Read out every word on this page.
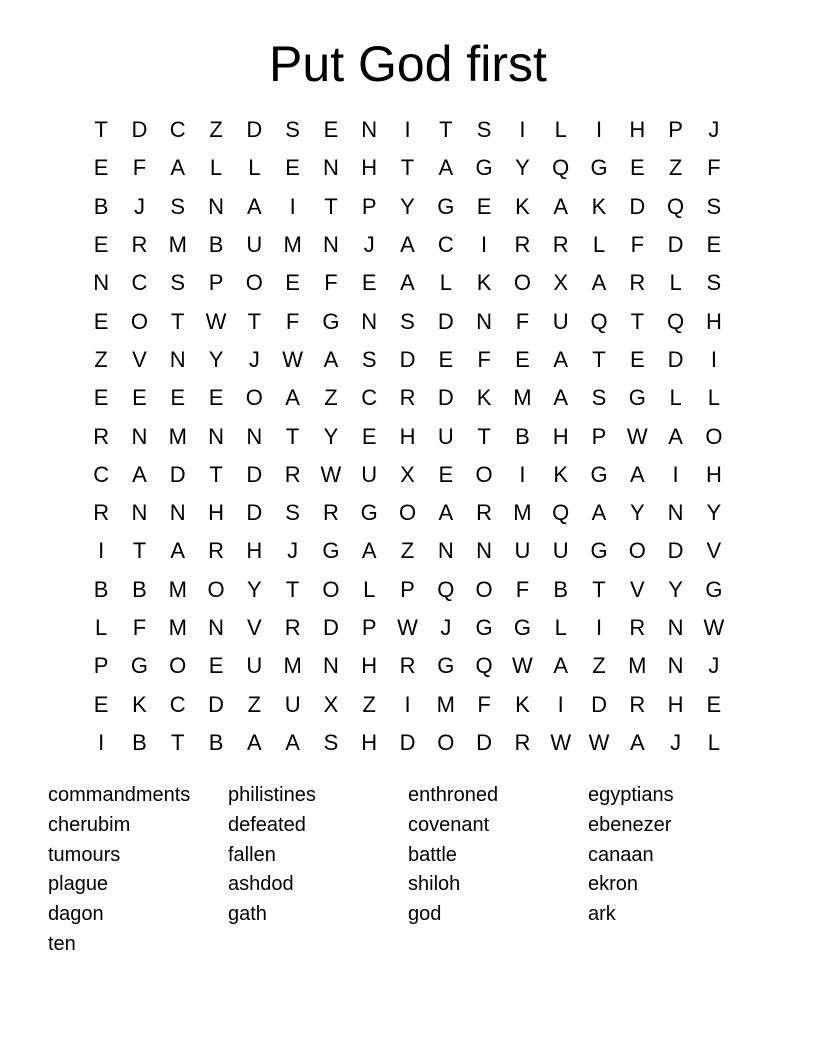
Put God first
T	D	C	Z	D	S	E	N	I	T	S	I	L	I	H	P	J
E	F	A	L	L	E	N	H	T	A	G	Y	Q G	E	Z	F
B	J	S	N	A	I	T	P	Y	G	E	K	A	K	D Q	S
E	R M B	U M N	J	A	C	I	R	R	L	F	D	E
N	C	S	P	O	E	F	E	A	L	K	O	X	A	R	L	S
E	O	T W T	F	G N	S	D	N	F	U Q	T	Q H
Z	V	N	Y	J	W A	S	D	E	F	E	A	T	E	D	I
E	E	E	E	O	A	Z	C	R	D	K M A	S	G	L	L
R	N M N	N	T	Y	E	H	U	T	B	H	P W A	O
C	A	D	T	D	R W U	X	E	O	I	K	G	A	I	H
R	N	N	H	D	S	R G O	A	R M Q	A	Y	N	Y
I	T	A	R	H	J	G	A	Z	N	N	U	U G O D	V
B	B M O	Y	T	O	L	P	Q O	F	B	T	V	Y	G
L	F	M N	V	R	D	P W	J	G G	L	I	R	N W
P	G O	E	U M N	H	R G Q W A	Z	M N	J
E	K	C	D	Z	U	X	Z	I	M	F	K	I	D	R	H	E
I	B	T	B	A	A	S	H	D O D	R W W A	J	L
commandments	philistines	enthroned	egyptians
cherubim	defeated	covenant	ebenezer
tumours	fallen	battle	canaan
plague	ashdod	shiloh	ekron
dagon	gath	god	ark
ten
